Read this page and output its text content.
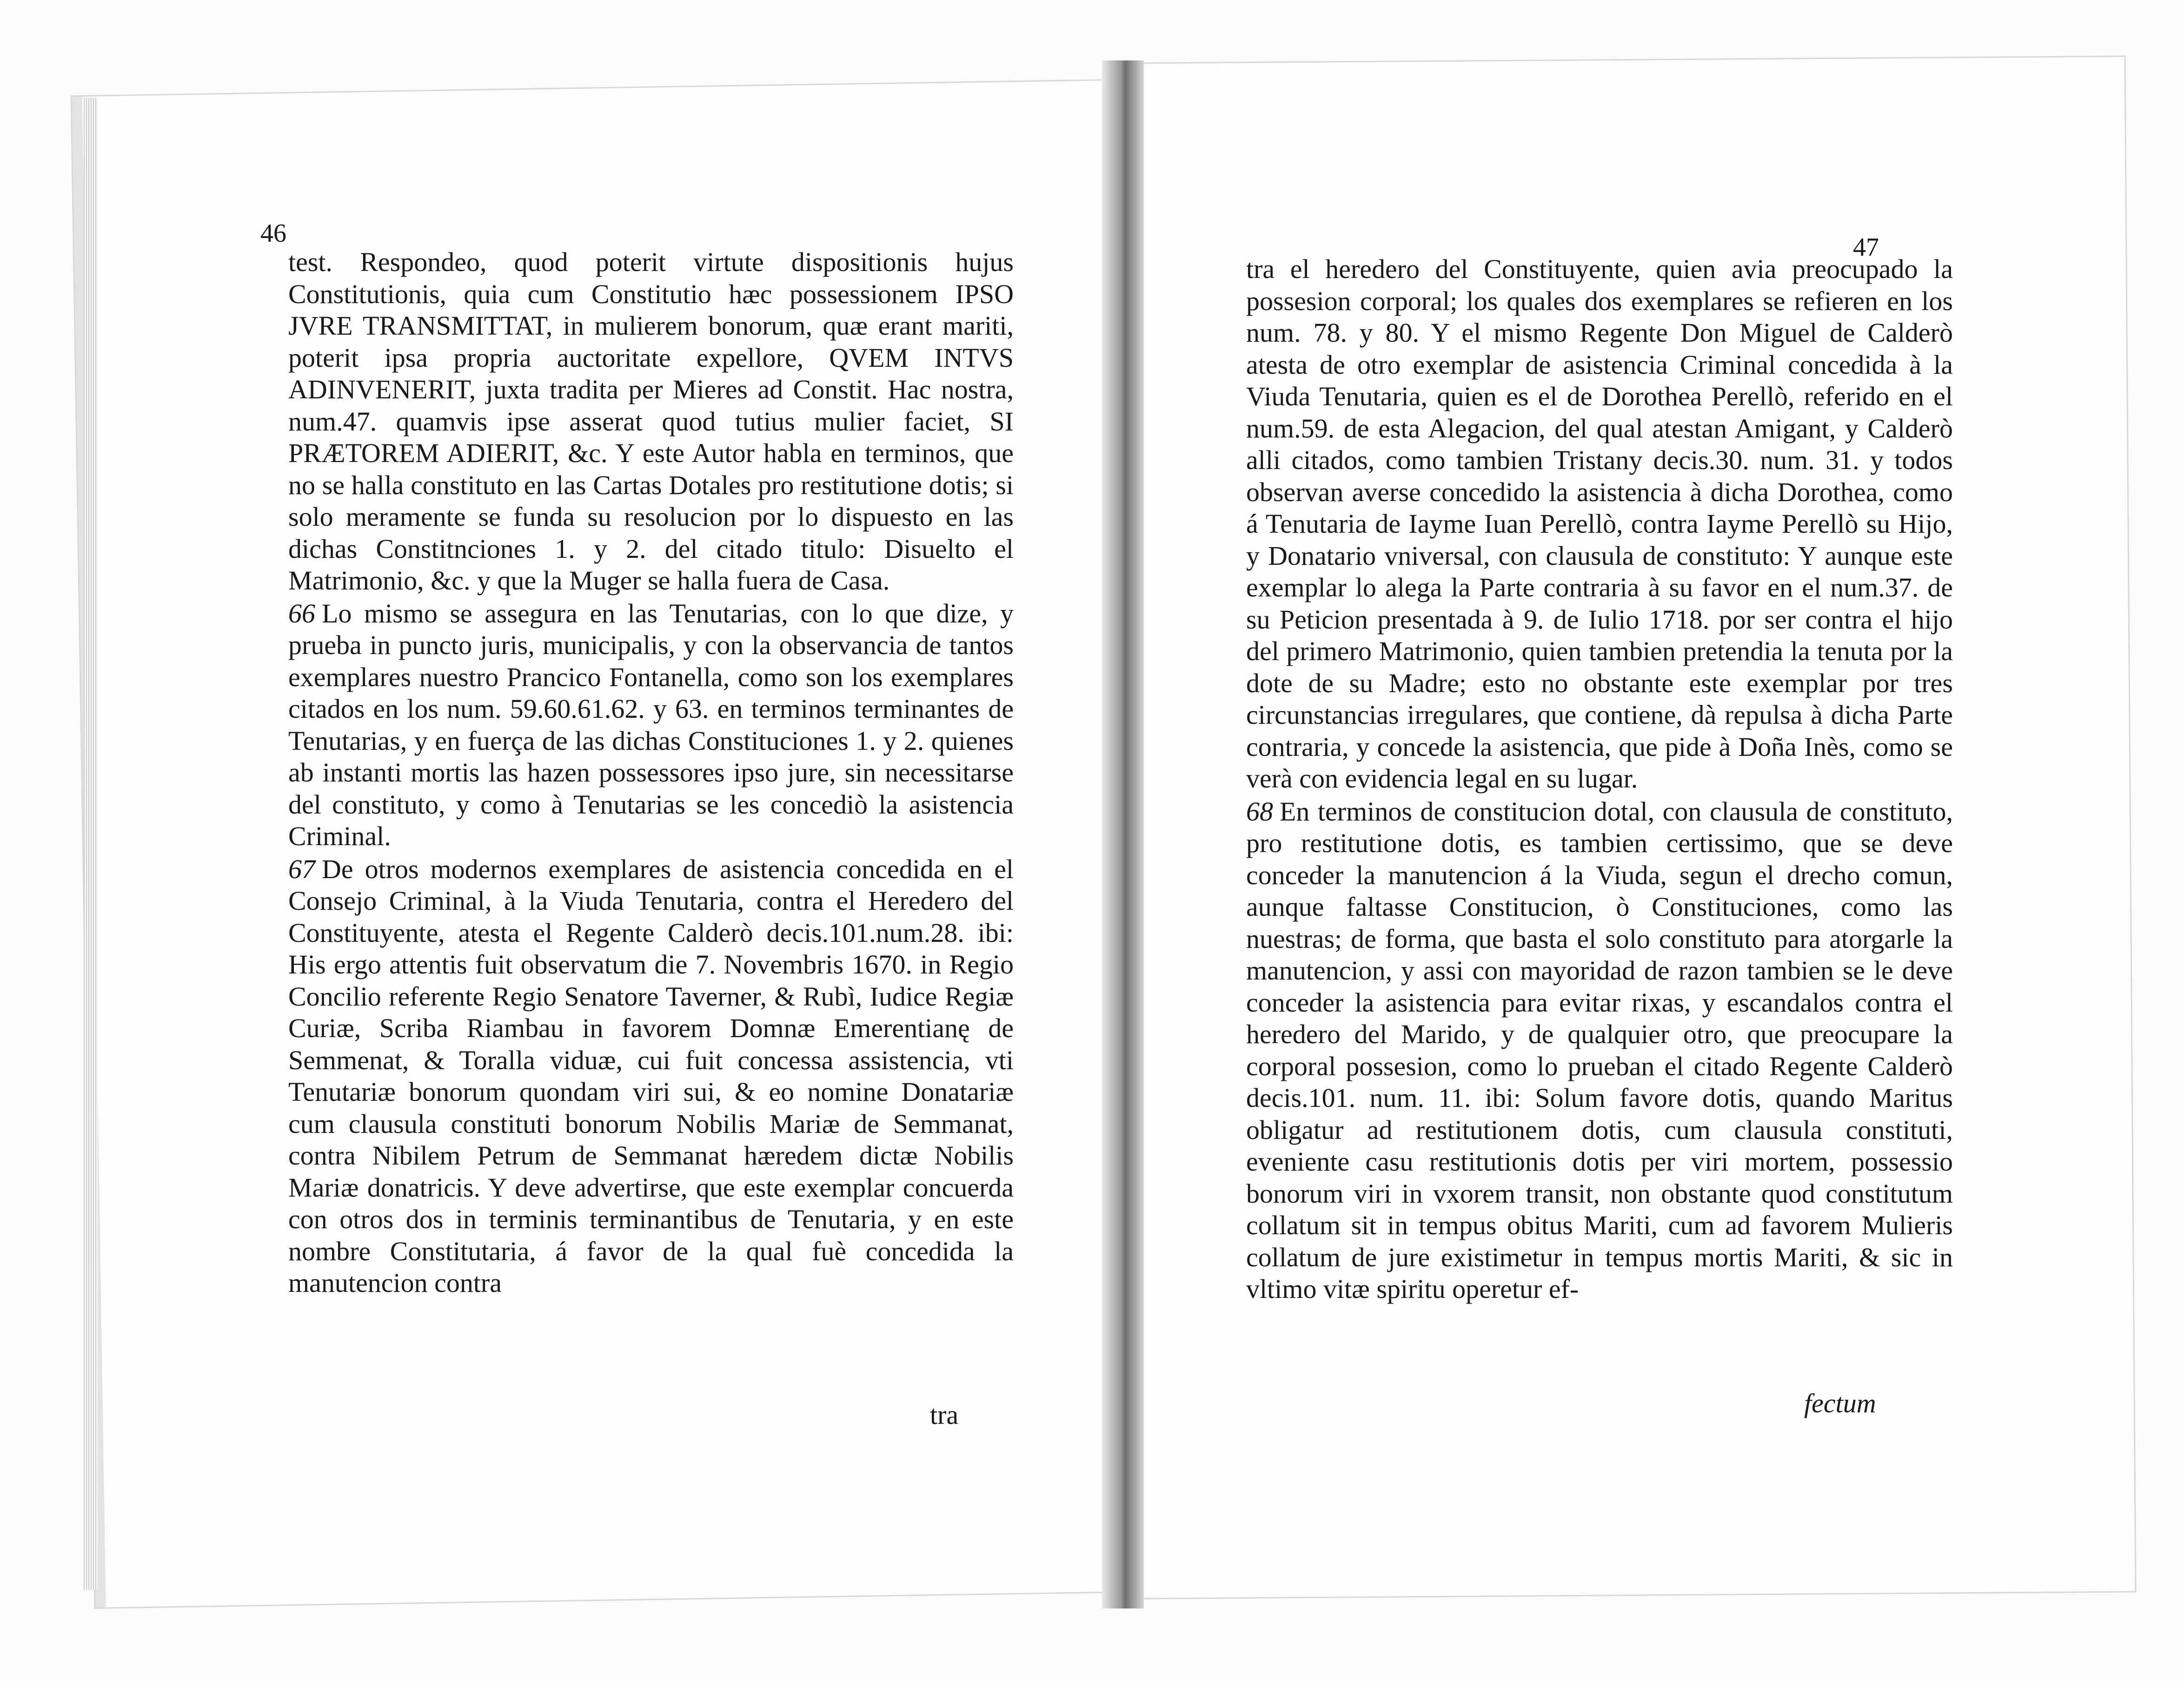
46

test. Respondeo, quod poterit virtute dispositionis hujus Constitutionis, quia cum Constitutio hæc possessionem IPSO JVRE TRANSMITTAT, in mulierem bonorum, quæ erant mariti, poterit ipsa propria auctoritate expellore, QVEM INTVS ADINVENERIT, juxta tradita per Mieres ad Constit. Hac nostra, num.47. quamvis ipse asserat quod tutius mulier faciet, SI PRÆTOREM ADIERIT, &c. Y este Autor habla en terminos, que no se halla constituto en las Cartas Dotales pro restitutione dotis; si solo meramente se funda su resolucion por lo dispuesto en las dichas Constitnciones 1. y 2. del citado titulo: Disuelto el Matrimonio, &c. y que la Muger se halla fuera de Casa.

66 Lo mismo se assegura en las Tenutarias, con lo que dize, y prueba in puncto juris, municipalis, y con la observancia de tantos exemplares nuestro Prancico Fontanella, como son los exemplares citados en los num. 59.60.61.62. y 63. en terminos terminantes de Tenutarias, y en fuerça de las dichas Constituciones 1. y 2. quienes ab instanti mortis las hazen possessores ipso jure, sin necessitarse del constituto, y como à Tenutarias se les concediò la asistencia Criminal.

67 De otros modernos exemplares de asistencia concedida en el Consejo Criminal, à la Viuda Tenutaria, contra el Heredero del Constituyente, atesta el Regente Calderò decis.101.num.28. ibi: His ergo attentis fuit observatum die 7. Novembris 1670. in Regio Concilio referente Regio Senatore Taverner, & Rubì, Iudice Regiæ Curiæ, Scriba Riambau in favorem Domnæ Emerentianę de Semmenat, & Toralla viduæ, cui fuit concessa assistencia, vti Tenutariæ bonorum quondam viri sui, & eo nomine Donatariæ cum clausula constituti bonorum Nobilis Mariæ de Semmanat, contra Nibilem Petrum de Semmanat hæredem dictæ Nobilis Mariæ donatricis. Y deve advertirse, que este exemplar concuerda con otros dos in terminis terminantibus de Tenutaria, y en este nombre Constitutaria, á favor de la qual fuè concedida la manutencion contra

tra
47

tra el heredero del Constituyente, quien avia preocupado la possesion corporal; los quales dos exemplares se refieren en los num. 78. y 80. Y el mismo Regente Don Miguel de Calderò atesta de otro exemplar de asistencia Criminal concedida à la Viuda Tenutaria, quien es el de Dorothea Perellò, referido en el num.59. de esta Alegacion, del qual atestan Amigant, y Calderò alli citados, como tambien Tristany decis.30. num. 31. y todos observan averse concedido la asistencia à dicha Dorothea, como á Tenutaria de Iayme Iuan Perellò, contra Iayme Perellò su Hijo, y Donatario vniversal, con clausula de constituto: Y aunque este exemplar lo alega la Parte contraria à su favor en el num.37. de su Peticion presentada à 9. de Iulio 1718. por ser contra el hijo del primero Matrimonio, quien tambien pretendia la tenuta por la dote de su Madre; esto no obstante este exemplar por tres circunstancias irregulares, que contiene, dà repulsa à dicha Parte contraria, y concede la asistencia, que pide à Doña Inès, como se verà con evidencia legal en su lugar.

68 En terminos de constitucion dotal, con clausula de constituto, pro restitutione dotis, es tambien certissimo, que se deve conceder la manutencion á la Viuda, segun el drecho comun, aunque faltasse Constitucion, ò Constituciones, como las nuestras; de forma, que basta el solo constituto para atorgarle la manutencion, y assi con mayoridad de razon tambien se le deve conceder la asistencia para evitar rixas, y escandalos contra el heredero del Marido, y de qualquier otro, que preocupare la corporal possesion, como lo prueban el citado Regente Calderò decis.101. num. 11. ibi: Solum favore dotis, quando Maritus obligatur ad restitutionem dotis, cum clausula constituti, eveniente casu restitutionis dotis per viri mortem, possessio bonorum viri in vxorem transit, non obstante quod constitutum collatum sit in tempus obitus Mariti, cum ad favorem Mulieris collatum de jure existimetur in tempus mortis Mariti, & sic in vltimo vitæ spiritu operetur ef-

fectum
